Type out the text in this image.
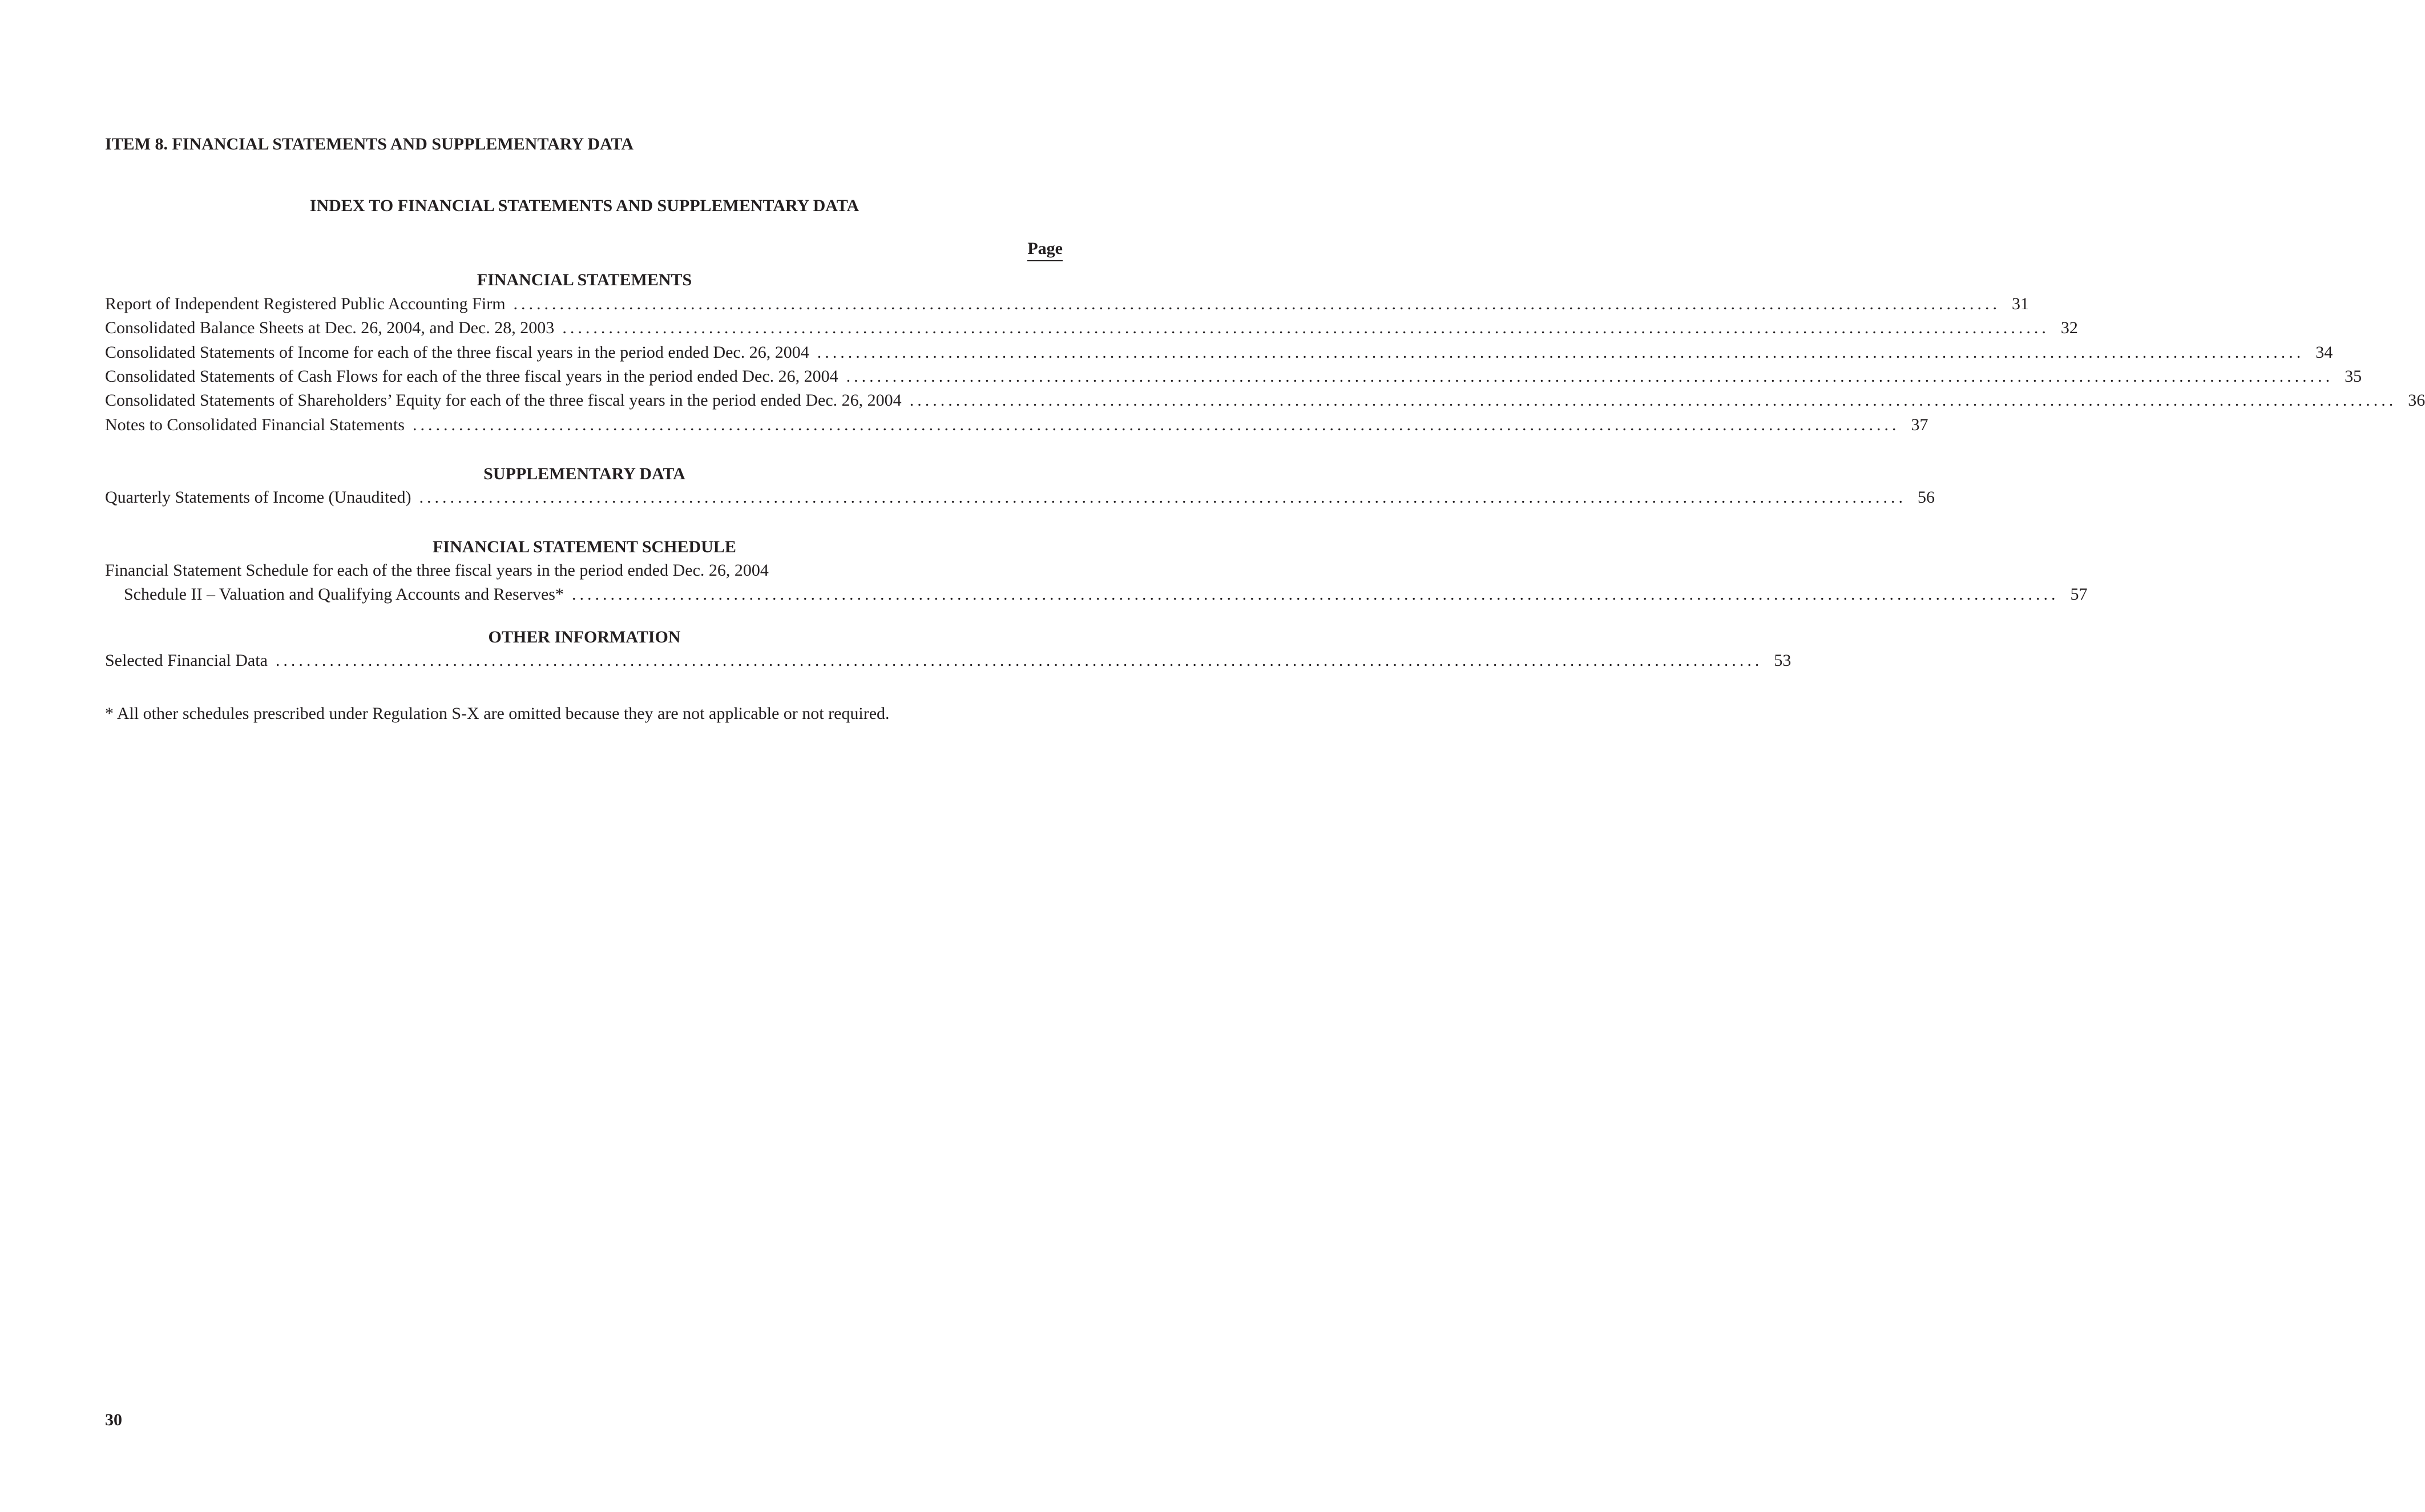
ITEM 8. FINANCIAL STATEMENTS AND SUPPLEMENTARY DATA
INDEX TO FINANCIAL STATEMENTS AND SUPPLEMENTARY DATA
Page
FINANCIAL STATEMENTS
Report of Independent Registered Public Accounting Firm ................................................................................................................................................................................................. 31
Consolidated Balance Sheets at Dec. 26, 2004, and Dec. 28, 2003 ................................................................................................................................................................................................. 32
Consolidated Statements of Income for each of the three fiscal years in the period ended Dec. 26, 2004 ................................................................................................................................................................................................. 34
Consolidated Statements of Cash Flows for each of the three fiscal years in the period ended Dec. 26, 2004 ................................................................................................................................................................................................. 35
Consolidated Statements of Shareholders’ Equity for each of the three fiscal years in the period ended Dec. 26, 2004 ................................................................................................................................................................................................. 36
Notes to Consolidated Financial Statements ................................................................................................................................................................................................. 37
SUPPLEMENTARY DATA
Quarterly Statements of Income (Unaudited) ................................................................................................................................................................................................. 56
FINANCIAL STATEMENT SCHEDULE
Financial Statement Schedule for each of the three fiscal years in the period ended Dec. 26, 2004
Schedule II – Valuation and Qualifying Accounts and Reserves* ................................................................................................................................................................................................. 57
OTHER INFORMATION
Selected Financial Data ................................................................................................................................................................................................. 53
* All other schedules prescribed under Regulation S-X are omitted because they are not applicable or not required.
30
